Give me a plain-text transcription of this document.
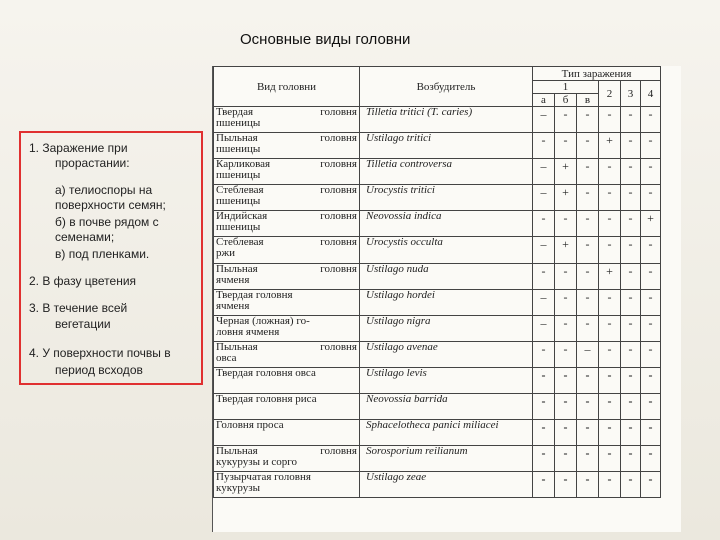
Основные виды головни
1. Заражение при
прорастании:
а) телиоспоры на
поверхности семян;
б) в почве рядом с
семенами;
в) под пленками.
2. В фазу цветения
3. В течение всей
вегетации
4. У поверхности почвы в
период всходов
Вид головни	Возбудитель	Тип заражения					
		1			2	3	4
		а	б	в			

Твердая головня
пшеницы	Tilletia tritici (T. caries)	–	-	-	-	-	-

Пыльная головня
пшеницы	Ustilago tritici	-	-	-	+	-	-

Карликовая головня
пшеницы	Tilletia controversa	–	+	-	-	-	-

Стеблевая головня
пшеницы	Urocystis tritici	–	+	-	-	-	-

Индийская головня
пшеницы	Neovossia indica	-	-	-	-	-	+

Стеблевая головня
ржи	Urocystis occulta	–	+	-	-	-	-

Пыльная головня
ячменя	Ustilago nuda	-	-	-	+	-	-

Твердая головня
ячменя	Ustilago hordei	–	-	-	-	-	-

Черная (ложная) го-
ловня ячменя	Ustilago nigra	–	-	-	-	-	-

Пыльная головня
овса	Ustilago avenae	-	-	–	-	-	-

Твердая головня овса	Ustilago levis	-	-	-	-	-	-

Твердая головня риса	Neovossia barrida	-	-	-	-	-	-

Головня проса	Sphacelotheca panici miliacei	-	-	-	-	-	-

Пыльная головня
кукурузы и сорго	Sorosporium reilianum	-	-	-	-	-	-

Пузырчатая головня
кукурузы	Ustilago zeae	-	-	-	-	-	-
